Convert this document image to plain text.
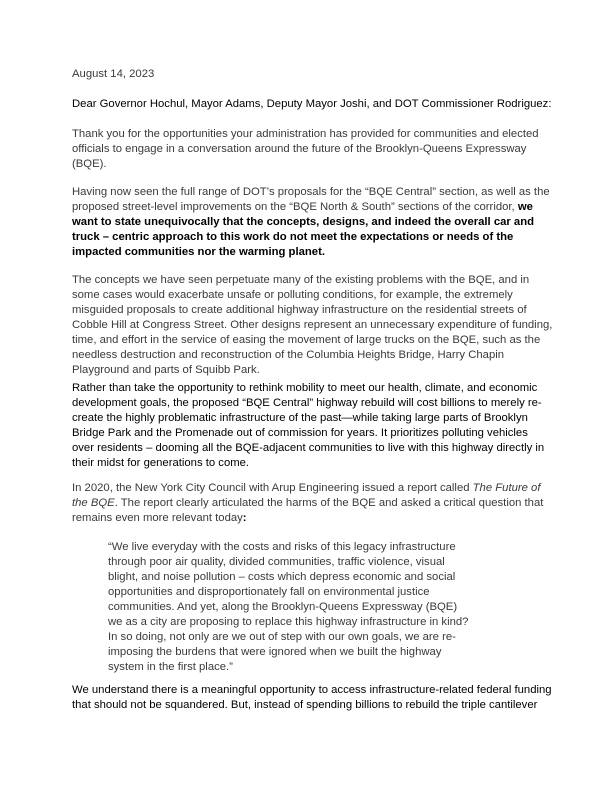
August 14, 2023
Dear Governor Hochul, Mayor Adams, Deputy Mayor Joshi, and DOT Commissioner Rodriguez:
Thank you for the opportunities your administration has provided for communities and elected
officials to engage in a conversation around the future of the Brooklyn-Queens Expressway
(BQE).
Having now seen the full range of DOT’s proposals for the “BQE Central” section, as well as the
proposed street-level improvements on the “BQE North & South” sections of the corridor, we
want to state unequivocally that the concepts, designs, and indeed the overall car and
truck – centric approach to this work do not meet the expectations or needs of the
impacted communities nor the warming planet.
The concepts we have seen perpetuate many of the existing problems with the BQE, and in
some cases would exacerbate unsafe or polluting conditions, for example, the extremely
misguided proposals to create additional highway infrastructure on the residential streets of
Cobble Hill at Congress Street. Other designs represent an unnecessary expenditure of funding,
time, and effort in the service of easing the movement of large trucks on the BQE, such as the
needless destruction and reconstruction of the Columbia Heights Bridge, Harry Chapin
Playground and parts of Squibb Park.
Rather than take the opportunity to rethink mobility to meet our health, climate, and economic
development goals, the proposed “BQE Central” highway rebuild will cost billions to merely re-
create the highly problematic infrastructure of the past—while taking large parts of Brooklyn
Bridge Park and the Promenade out of commission for years. It prioritizes polluting vehicles
over residents – dooming all the BQE-adjacent communities to live with this highway directly in
their midst for generations to come.
In 2020, the New York City Council with Arup Engineering issued a report called The Future of
the BQE. The report clearly articulated the harms of the BQE and asked a critical question that
remains even more relevant today:
“We live everyday with the costs and risks of this legacy infrastructure
through poor air quality, divided communities, traffic violence, visual
blight, and noise pollution – costs which depress economic and social
opportunities and disproportionately fall on environmental justice
communities. And yet, along the Brooklyn-Queens Expressway (BQE)
we as a city are proposing to replace this highway infrastructure in kind?
In so doing, not only are we out of step with our own goals, we are re-
imposing the burdens that were ignored when we built the highway
system in the first place.”
We understand there is a meaningful opportunity to access infrastructure-related federal funding
that should not be squandered. But, instead of spending billions to rebuild the triple cantilever
